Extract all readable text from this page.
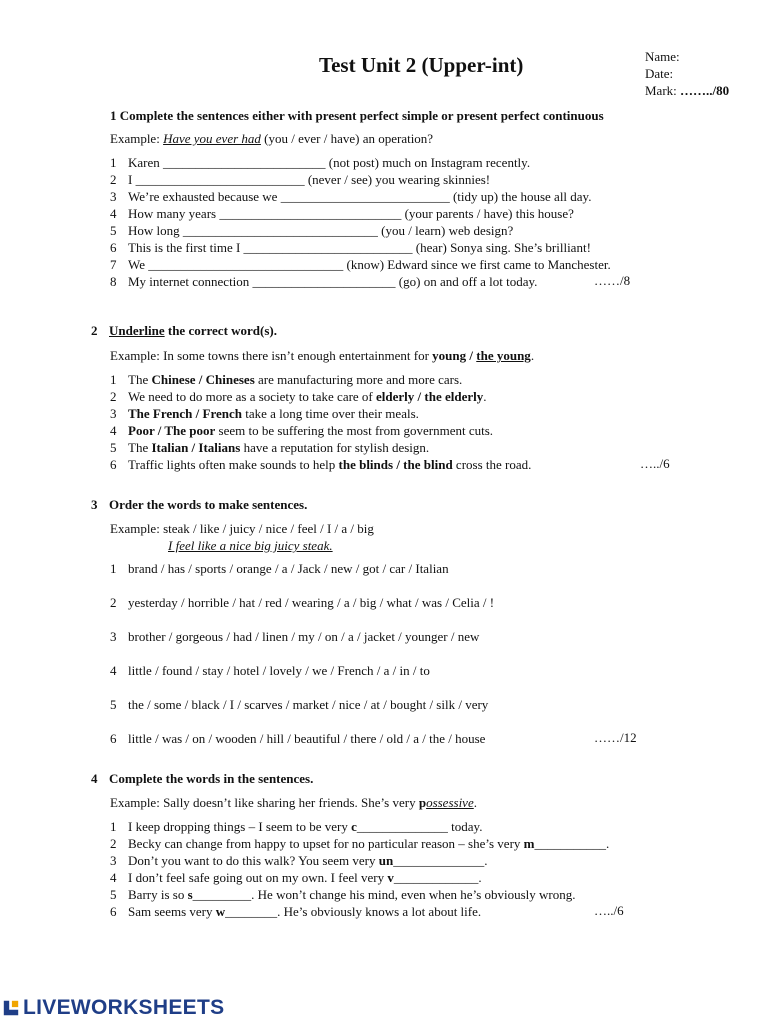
Test Unit 2 (Upper-int)	Name:
Date:
Mark: ……../80
1 Complete the sentences either with present perfect simple or present perfect continuous
Example: Have you ever had (you / ever / have) an operation?
1 Karen _________________________ (not post) much on Instagram recently.
2 I __________________________ (never / see) you wearing skinnies!
3 We’re exhausted because we __________________________ (tidy up) the house all day.
4 How many years ____________________________ (your parents / have) this house?
5 How long ______________________________ (you / learn) web design?
6 This is the first time I __________________________ (hear) Sonya sing. She’s brilliant!
7 We ______________________________ (know) Edward since we first came to Manchester.
8 My internet connection ______________________ (go) on and off a lot today.	……/8
2 Underline the correct word(s).
Example: In some towns there isn’t enough entertainment for young / the young.
1 The Chinese / Chineses are manufacturing more and more cars.
2 We need to do more as a society to take care of elderly / the elderly.
3 The French / French take a long time over their meals.
4 Poor / The poor seem to be suffering the most from government cuts.
5 The Italian / Italians have a reputation for stylish design.
6 Traffic lights often make sounds to help the blinds / the blind cross the road.	…../6
3 Order the words to make sentences.
Example: steak / like / juicy / nice / feel / I / a / big
I feel like a nice big juicy steak.
1 brand / has / sports / orange / a / Jack / new / got / car / Italian
2 yesterday / horrible / hat / red / wearing / a / big / what / was / Celia / !
3 brother / gorgeous / had / linen / my / on / a / jacket / younger / new
4 little / found / stay / hotel / lovely / we / French / a / in / to
5 the / some / black / I / scarves / market / nice / at / bought / silk / very
6 little / was / on / wooden / hill / beautiful / there / old / a / the / house	……/12
4 Complete the words in the sentences.
Example: Sally doesn’t like sharing her friends. She’s very possessive.
1 I keep dropping things – I seem to be very c______________ today.
2 Becky can change from happy to upset for no particular reason – she’s very m___________.
3 Don’t you want to do this walk? You seem very un______________.
4 I don’t feel safe going out on my own. I feel very v_____________.
5 Barry is so s_________. He won’t change his mind, even when he’s obviously wrong.
6 Sam seems very w________. He’s obviously knows a lot about life.	…../6
LIVEWORKSHEETS
